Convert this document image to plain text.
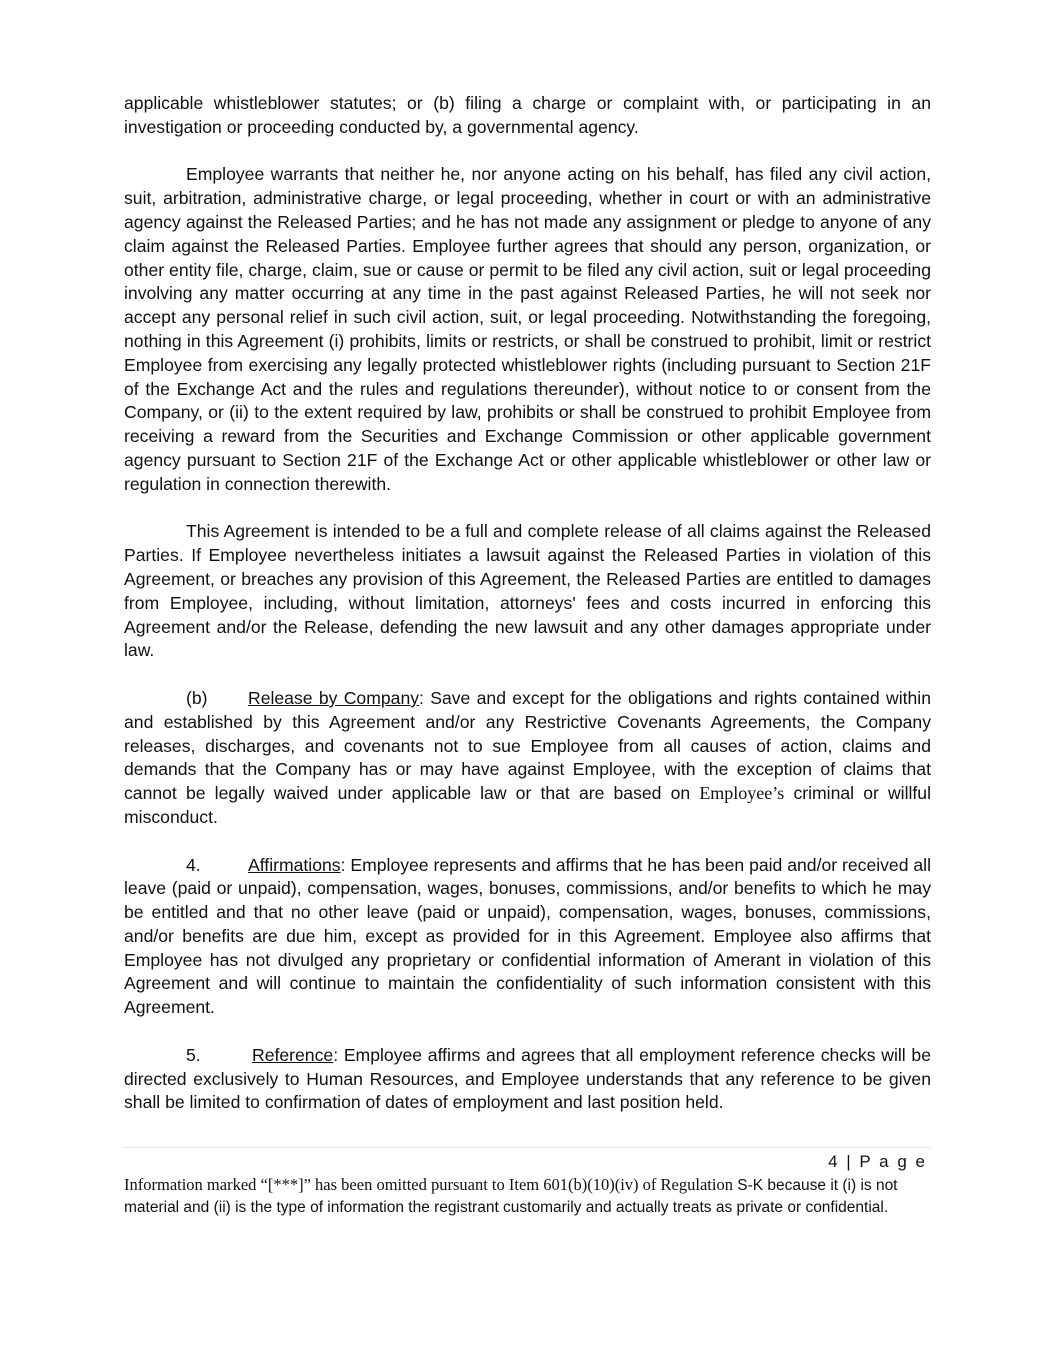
applicable whistleblower statutes; or (b) filing a charge or complaint with, or participating in an investigation or proceeding conducted by, a governmental agency.

Employee warrants that neither he, nor anyone acting on his behalf, has filed any civil action, suit, arbitration, administrative charge, or legal proceeding, whether in court or with an administrative agency against the Released Parties; and he has not made any assignment or pledge to anyone of any claim against the Released Parties. Employee further agrees that should any person, organization, or other entity file, charge, claim, sue or cause or permit to be filed any civil action, suit or legal proceeding involving any matter occurring at any time in the past against Released Parties, he will not seek nor accept any personal relief in such civil action, suit, or legal proceeding. Notwithstanding the foregoing, nothing in this Agreement (i) prohibits, limits or restricts, or shall be construed to prohibit, limit or restrict Employee from exercising any legally protected whistleblower rights (including pursuant to Section 21F of the Exchange Act and the rules and regulations thereunder), without notice to or consent from the Company, or (ii) to the extent required by law, prohibits or shall be construed to prohibit Employee from receiving a reward from the Securities and Exchange Commission or other applicable government agency pursuant to Section 21F of the Exchange Act or other applicable whistleblower or other law or regulation in connection therewith.

This Agreement is intended to be a full and complete release of all claims against the Released Parties. If Employee nevertheless initiates a lawsuit against the Released Parties in violation of this Agreement, or breaches any provision of this Agreement, the Released Parties are entitled to damages from Employee, including, without limitation, attorneys' fees and costs incurred in enforcing this Agreement and/or the Release, defending the new lawsuit and any other damages appropriate under law.

(b) Release by Company: Save and except for the obligations and rights contained within and established by this Agreement and/or any Restrictive Covenants Agreements, the Company releases, discharges, and covenants not to sue Employee from all causes of action, claims and demands that the Company has or may have against Employee, with the exception of claims that cannot be legally waived under applicable law or that are based on Employee’s criminal or willful misconduct.

4.	Affirmations: Employee represents and affirms that he has been paid and/or received all leave (paid or unpaid), compensation, wages, bonuses, commissions, and/or benefits to which he may be entitled and that no other leave (paid or unpaid), compensation, wages, bonuses, commissions, and/or benefits are due him, except as provided for in this Agreement. Employee also affirms that Employee has not divulged any proprietary or confidential information of Amerant in violation of this Agreement and will continue to maintain the confidentiality of such information consistent with this Agreement.

5.	Reference: Employee affirms and agrees that all employment reference checks will be directed exclusively to Human Resources, and Employee understands that any reference to be given shall be limited to confirmation of dates of employment and last position held.

4 | P a g e
Information marked “[***]” has been omitted pursuant to Item 601(b)(10)(iv) of Regulation S-K because it (i) is not material and (ii) is the type of information the registrant customarily and actually treats as private or confidential.
